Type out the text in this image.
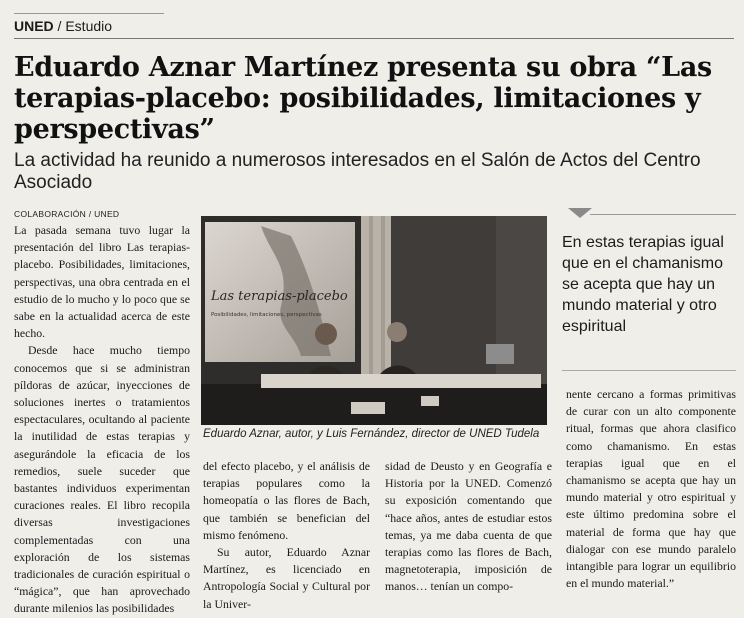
UNED / Estudio
Eduardo Aznar Martínez presenta su obra “Las terapias-placebo: posibilidades, limitaciones y perspectivas”
La actividad ha reunido a numerosos interesados en el Salón de Actos del Centro Asociado
COLABORACIÓN / UNED

La pasada semana tuvo lugar la presentación del libro Las terapias-placebo. Posibilidades, limitaciones, perspectivas, una obra centrada en el estudio de lo mucho y lo poco que se sabe en la actualidad acerca de este hecho.

Desde hace mucho tiempo conocemos que si se administran píldoras de azúcar, inyecciones de soluciones inertes o tratamientos espectaculares, ocultando al paciente la inutilidad de estas terapias y asegurándole la eficacia de los remedios, suele suceder que bastantes individuos experimentan curaciones reales. El libro recopila diversas investigaciones complementadas con una exploración de los sistemas tradicionales de curación espiritual o “mágica”, que han aprovechado durante milenios las posibilidades

Las terapias-placebo
Posibilidades, limitaciones, perspectivas
Eduardo Aznar, autor, y Luis Fernández, director de UNED Tudela

del efecto placebo, y el análisis de terapias populares como la homeopatía o las flores de Bach, que también se benefician del mismo fenómeno.

Su autor, Eduardo Aznar Martínez, es licenciado en Antropología Social y Cultural por la Univer-

sidad de Deusto y en Geografía e Historia por la UNED. Comenzó su exposición comentando que “hace años, antes de estudiar estos temas, ya me daba cuenta de que terapias como las flores de Bach, magnetoterapia, imposición de manos… tenían un compo-

En estas terapias igual que en el chamanismo se acepta que hay un mundo material y otro espiritual

nente cercano a formas primitivas de curar con un alto componente ritual, formas que ahora clasifico como chamanismo. En estas terapias igual que en el chamanismo se acepta que hay un mundo material y otro espiritual y este último predomina sobre el material de forma que hay que dialogar con ese mundo paralelo intangible para lograr un equilibrio en el mundo material.”
